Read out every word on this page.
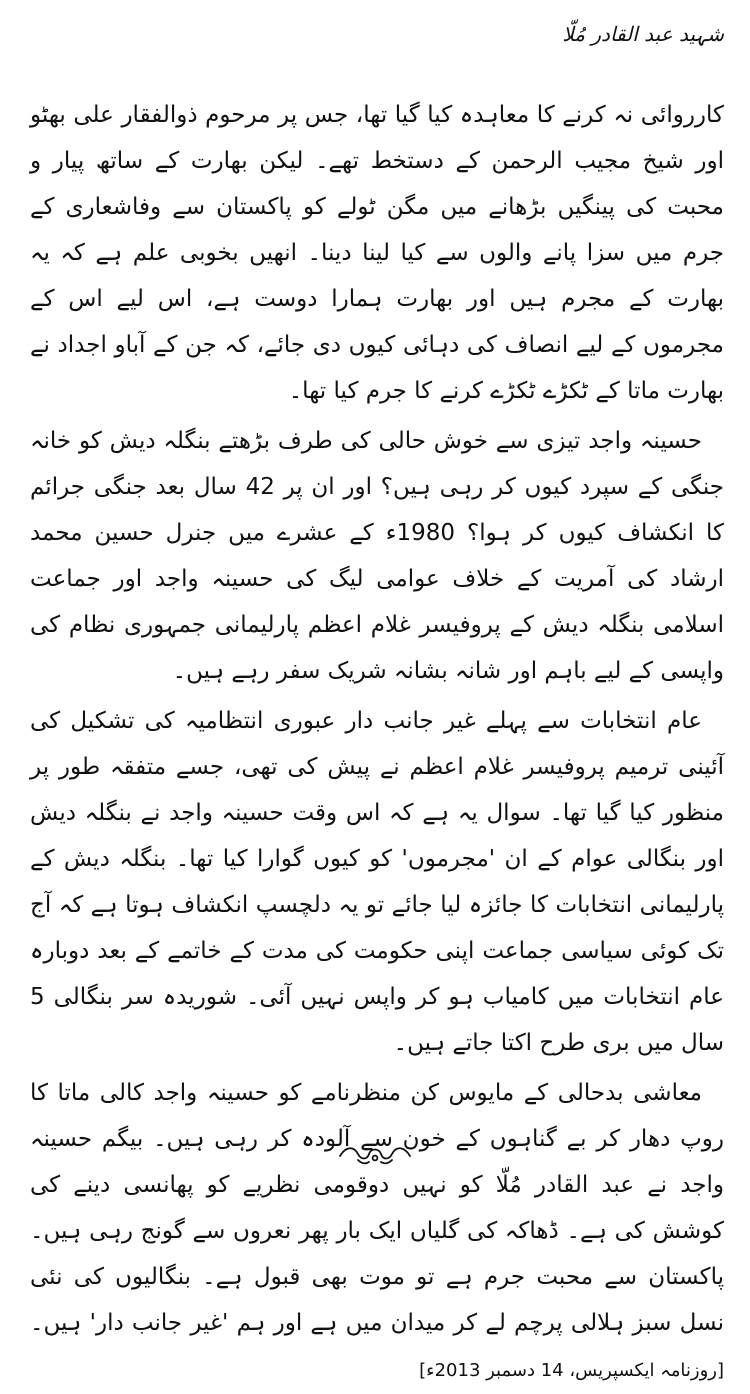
شہید عبد القادر مُلّا

کارروائی نہ کرنے کا معاہدہ کیا گیا تھا، جس پر مرحوم ذوالفقار علی بھٹو اور شیخ مجیب الرحمن کے دستخط تھے۔ لیکن بھارت کے ساتھ پیار و محبت کی پینگیں بڑھانے میں مگن ٹولے کو پاکستان سے وفاشعاری کے جرم میں سزا پانے والوں سے کیا لینا دینا۔ انھیں بخوبی علم ہے کہ یہ بھارت کے مجرم ہیں اور بھارت ہمارا دوست ہے، اس لیے اس کے مجرموں کے لیے انصاف کی دہائی کیوں دی جائے، کہ جن کے آباو اجداد نے بھارت ماتا کے ٹکڑے ٹکڑے کرنے کا جرم کیا تھا۔

حسینہ واجد تیزی سے خوش حالی کی طرف بڑھتے بنگلہ دیش کو خانہ جنگی کے سپرد کیوں کر رہی ہیں؟ اور ان پر 42 سال بعد جنگی جرائم کا انکشاف کیوں کر ہوا؟ 1980ء کے عشرے میں جنرل حسین محمد ارشاد کی آمریت کے خلاف عوامی لیگ کی حسینہ واجد اور جماعت اسلامی بنگلہ دیش کے پروفیسر غلام اعظم پارلیمانی جمہوری نظام کی واپسی کے لیے باہم اور شانہ بشانہ شریک سفر رہے ہیں۔

عام انتخابات سے پہلے غیر جانب دار عبوری انتظامیہ کی تشکیل کی آئینی ترمیم پروفیسر غلام اعظم نے پیش کی تھی، جسے متفقہ طور پر منظور کیا گیا تھا۔ سوال یہ ہے کہ اس وقت حسینہ واجد نے بنگلہ دیش اور بنگالی عوام کے ان 'مجرموں' کو کیوں گوارا کیا تھا۔ بنگلہ دیش کے پارلیمانی انتخابات کا جائزہ لیا جائے تو یہ دلچسپ انکشاف ہوتا ہے کہ آج تک کوئی سیاسی جماعت اپنی حکومت کی مدت کے خاتمے کے بعد دوبارہ عام انتخابات میں کامیاب ہو کر واپس نہیں آئی۔ شوریدہ سر بنگالی 5 سال میں بری طرح اکتا جاتے ہیں۔

معاشی بدحالی کے مایوس کن منظرنامے کو حسینہ واجد کالی ماتا کا روپ دھار کر بے گناہوں کے خون سے آلودہ کر رہی ہیں۔ بیگم حسینہ واجد نے عبد القادر مُلّا کو نہیں دوقومی نظریے کو پھانسی دینے کی کوشش کی ہے۔ ڈھاکہ کی گلیاں ایک بار پھر نعروں سے گونج رہی ہیں۔ پاکستان سے محبت جرم ہے تو موت بھی قبول ہے۔ بنگالیوں کی نئی نسل سبز ہلالی پرچم لے کر میدان میں ہے اور ہم 'غیر جانب دار' ہیں۔ [روزنامہ ایکسپریس، 14 دسمبر 2013ء]
